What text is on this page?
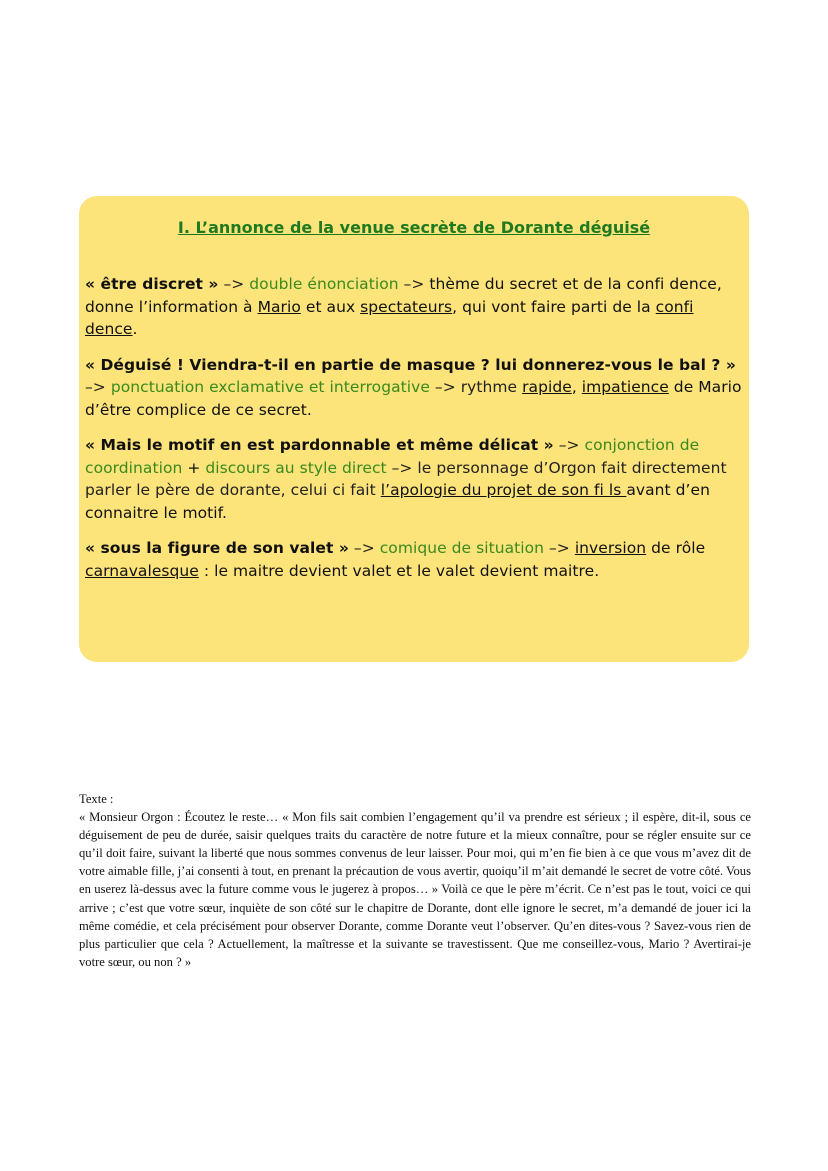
I. L’annonce de la venue secrète de Dorante déguisé

« être discret » –> double énonciation –> thème du secret et de la confi dence, donne l’information à Mario et aux spectateurs, qui vont faire parti de la confi dence.

« Déguisé ! Viendra-t-il en partie de masque ? lui donnerez-vous le bal ? » –> ponctuation exclamative et interrogative –> rythme rapide, impatience de Mario d’être complice de ce secret.

« Mais le motif en est pardonnable et même délicat » –> conjonction de coordination + discours au style direct –> le personnage d’Orgon fait directement parler le père de dorante, celui ci fait l’apologie du projet de son fi ls avant d’en connaitre le motif.

« sous la figure de son valet » –> comique de situation –> inversion de rôle carnavalesque : le maitre devient valet et le valet devient maitre.

Texte :
« Monsieur Orgon : Écoutez le reste… « Mon fils sait combien l’engagement qu’il va prendre est sérieux ; il espère, dit-il, sous ce déguisement de peu de durée, saisir quelques traits du caractère de notre future et la mieux connaître, pour se régler ensuite sur ce qu’il doit faire, suivant la liberté que nous sommes convenus de leur laisser. Pour moi, qui m’en fie bien à ce que vous m’avez dit de votre aimable fille, j’ai consenti à tout, en prenant la précaution de vous avertir, quoiqu’il m’ait demandé le secret de votre côté. Vous en userez là-dessus avec la future comme vous le jugerez à propos… » Voilà ce que le père m’écrit. Ce n’est pas le tout, voici ce qui arrive ; c’est que votre sœur, inquiète de son côté sur le chapitre de Dorante, dont elle ignore le secret, m’a demandé de jouer ici la même comédie, et cela précisément pour observer Dorante, comme Dorante veut l’observer. Qu’en dites-vous ? Savez-vous rien de plus particulier que cela ? Actuellement, la maîtresse et la suivante se travestissent. Que me conseillez-vous, Mario ? Avertirai-je votre sœur, ou non ? »
